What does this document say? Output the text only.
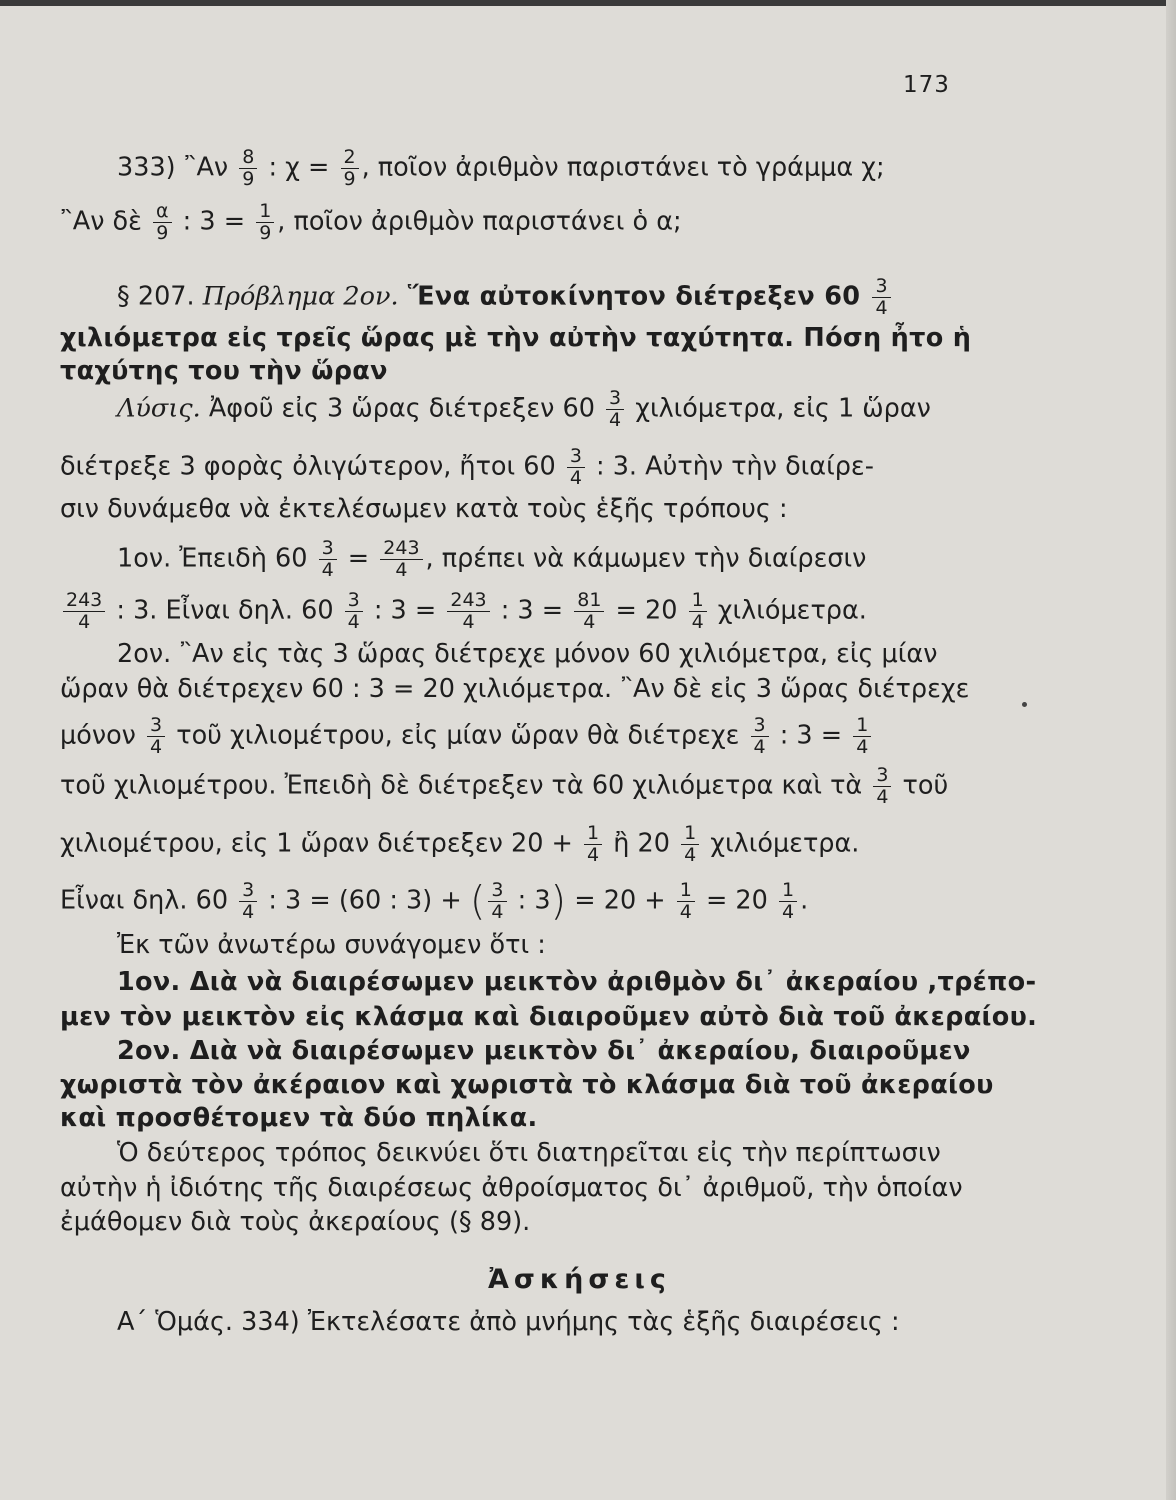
173
333) ῍Αν $\frac{8}{9}$ : $\chi = \frac{2}{9}$ , ποῖον ἀριθμὸν παριστάνει τὸ γράμμα χ;
῍Αν δὲ $\frac{\alpha}{9}$ : $3 = \frac{1}{9}$ , ποῖον ἀριθμὸν παριστάνει ὁ α;
§ 207. Πρόβλημα 2ον. Ἕνα αὐτοκίνητον διέτρεξεν $60 \frac{3}{4}$
χιλιόμετρα εἰς τρεῖς ὥρας μὲ τὴν αὐτὴν ταχύτητα. Πόση ἦτο ἡ
ταχύτης του τὴν ὥραν
Λύσις. Ἀφοῦ εἰς 3 ὥρας διέτρεξεν $60 \frac{3}{4} \chi\iota\lambda\iota ό\mu\varepsilon\tau\rho\alpha$, εἰς 1 ὥραν
διέτρεξε 3 φορὰς ὀλιγώτερον, ἤτοι $60 \frac{3}{4}$ : 3. Αὐτὴν τὴν διαίρε-
σιν δυνάμεθα νὰ ἐκτελέσωμεν κατὰ τοὺς ἑξῆς τρόπους :
1ον. Ἐπειδὴ $60 \frac{3}{4} = \frac{243}{4}$ , πρέπει νὰ κάμωμεν τὴν διαίρεσιν
$\frac{243}{4}$ : 3. Εἶναι δηλ. $60 \frac{3}{4}$ : $3 = \frac{243}{4}$ : $3 = \frac{81}{4} = 20 \frac{1}{4} \chi\iota\lambda\iota ό\mu\varepsilon\tau\rho\alpha$.
2ον. ῍Αν εἰς τὰς 3 ὥρας διέτρεχε μόνον 60 χιλιόμετρα, εἰς μίαν
ὥραν θὰ διέτρεχεν 60 : 3 = 20 χιλιόμετρα. ῍Αν δὲ εἰς 3 ὥρας διέτρεχε
μόνον $\frac{3}{4}$ τοῦ χιλιομέτρου, εἰς μίαν ὥραν θὰ διέτρεχε $\frac{3}{4}$ : $3 = \frac{1}{4}$
τοῦ χιλιομέτρου. Ἐπειδὴ δὲ διέτρεξεν τὰ 60 χιλιόμετρα καὶ τὰ $\frac{3}{4}$ τοῦ
χιλιομέτρου, εἰς 1 ὥραν διέτρεξεν $20 + \frac{1}{4}$ ἢ $20 \frac{1}{4} \chi\iota\lambda\iota ό\mu\varepsilon\tau\rho\alpha$.
Εἶναι δηλ. $60 \frac{3}{4}$ : 3 = (60 : 3) + ( $\frac{3}{4}$ : $3) = 20 + \frac{1}{4} = 20 \frac{1}{4}$ .
Ἐκ τῶν ἀνωτέρω συνάγομεν ὅτι :
1ον. Διὰ νὰ διαιρέσωμεν μεικτὸν ἀριθμὸν δι᾽ ἀκεραίου ,τρέπο-
μεν τὸν μεικτὸν εἰς κλάσμα καὶ διαιροῦμεν αὐτὸ διὰ τοῦ ἀκεραίου.
2ον. Διὰ νὰ διαιρέσωμεν μεικτὸν δι᾽ ἀκεραίου, διαιροῦμεν
χωριστὰ τὸν ἀκέραιον καὶ χωριστὰ τὸ κλάσμα διὰ τοῦ ἀκεραίου
καὶ προσθέτομεν τὰ δύο πηλίκα.
Ὁ δεύτερος τρόπος δεικνύει ὅτι διατηρεῖται εἰς τὴν περίπτωσιν
αὐτὴν ἡ ἰδιότης τῆς διαιρέσεως ἀθροίσματος δι᾽ ἀριθμοῦ, τὴν ὁποίαν
ἐμάθομεν διὰ τοὺς ἀκεραίους (§ 89).
Ἀσκήσεις
Α΄ Ὁμάς. 334) Ἐκτελέσατε ἀπὸ μνήμης τὰς ἑξῆς διαιρέσεις :
